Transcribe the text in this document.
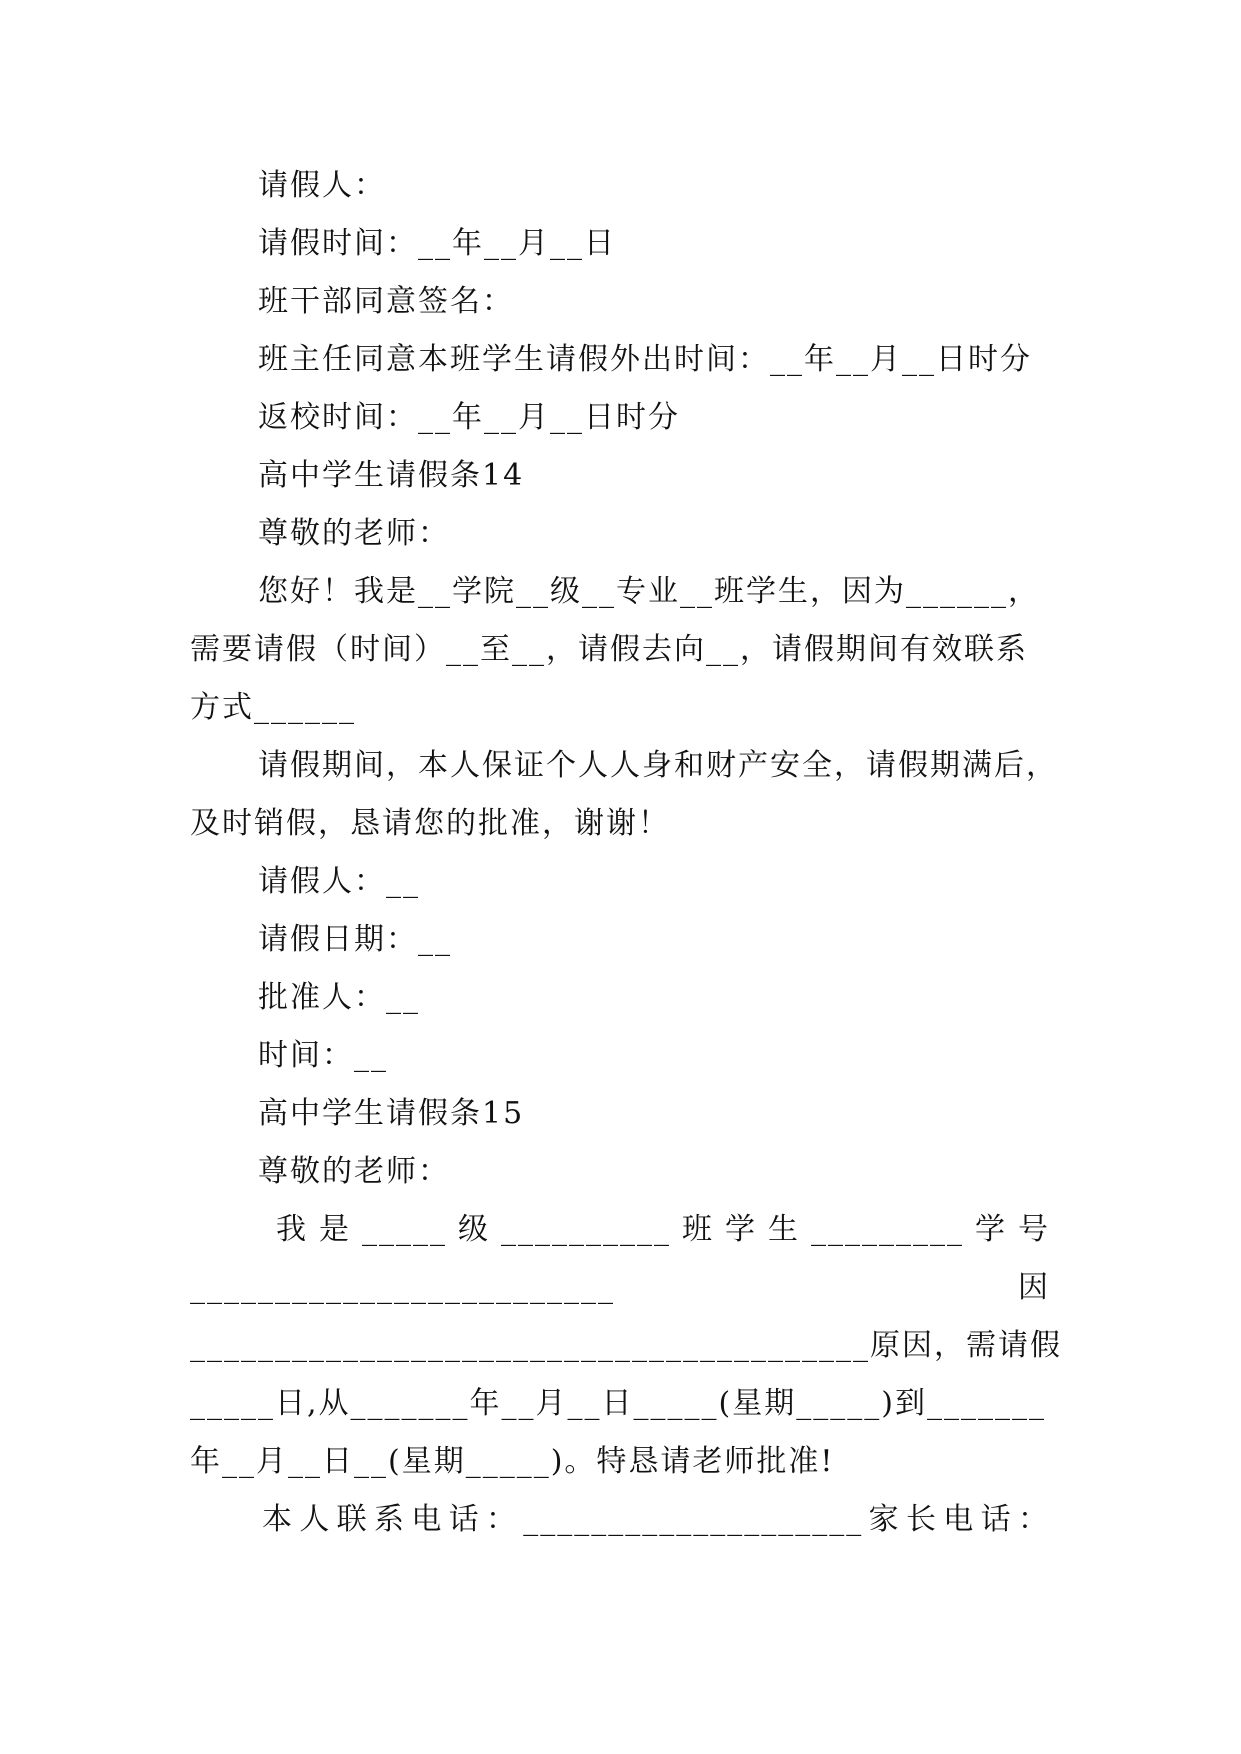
请假人：
请假时间：__年__月__日
班干部同意签名：
班主任同意本班学生请假外出时间：__年__月__日时分
返校时间：__年__月__日时分
高中学生请假条14
尊敬的老师：
您好！我是__学院__级__专业__班学生，因为______，
需要请假（时间）__至__，请假去向__，请假期间有效联系
方式______
请假期间，本人保证个人人身和财产安全，请假期满后，
及时销假，恳请您的批准，谢谢！
请假人：__
请假日期：__
批准人：__
时间：__
高中学生请假条15
尊敬的老师：
我 是 _____ 级 __________ 班 学 生 _________ 学 号
_________________________	因
________________________________________原因，需请假
_____日,从_______年__月__日_____(星期_____)到_______
年__月__日__(星期_____)。特恳请老师批准!
本 人 联 系 电 话 ： ____________________ 家 长 电 话 ：
